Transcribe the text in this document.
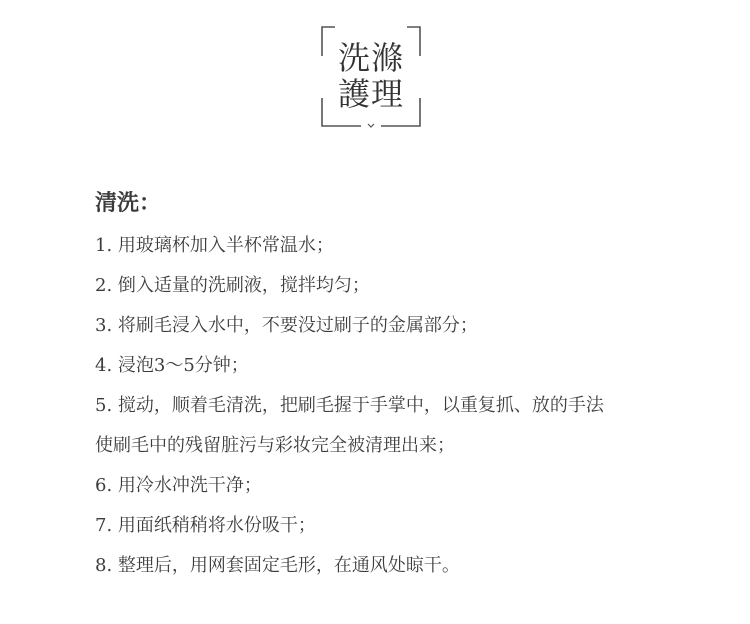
洗滌
護理
清洗：
1. 用玻璃杯加入半杯常温水；
2. 倒入适量的洗刷液，搅拌均匀；
3. 将刷毛浸入水中，不要没过刷子的金属部分；
4. 浸泡3～5分钟；
5. 搅动，顺着毛清洗，把刷毛握于手掌中，以重复抓、放的手法
使刷毛中的残留脏污与彩妆完全被清理出来；
6. 用冷水冲洗干净；
7. 用面纸稍稍将水份吸干；
8. 整理后，用网套固定毛形，在通风处晾干。
